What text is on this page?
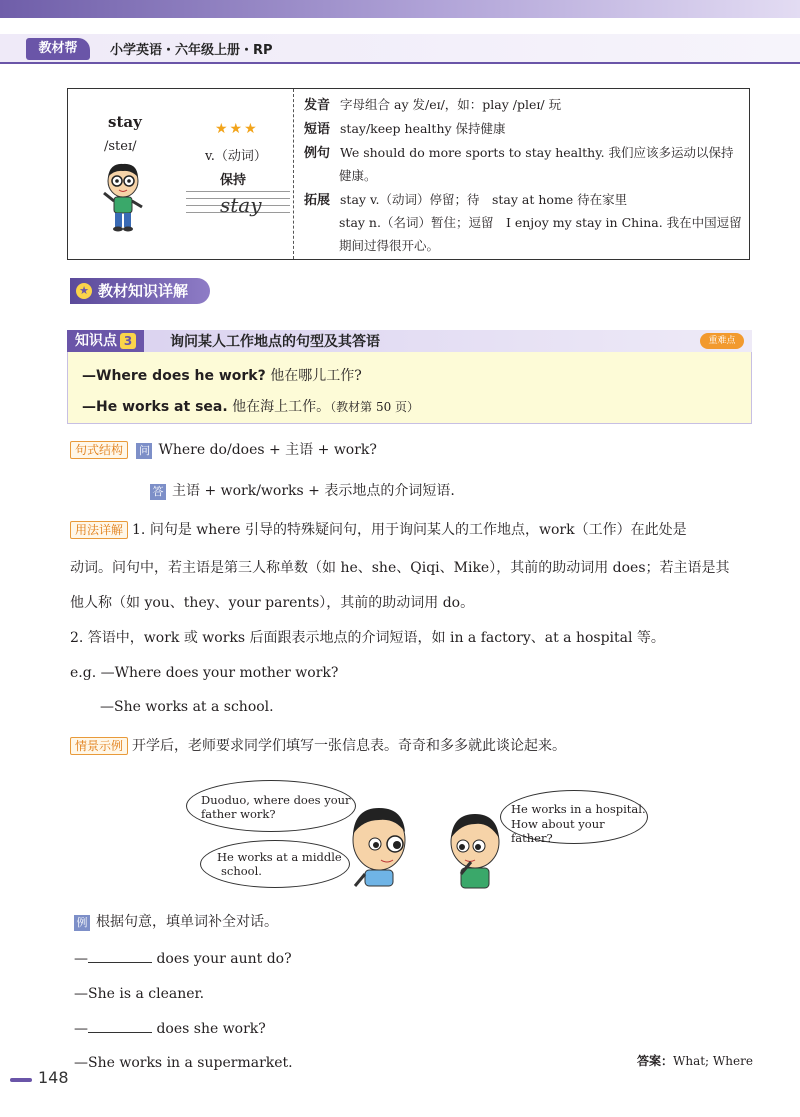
教材帮	小学英语・六年级上册・RP
stay
/steɪ/
★★★
v.（动词）
保持
stay
发音 字母组合 ay 发/eɪ/，如：play /pleɪ/ 玩
短语 stay/keep healthy 保持健康
例句 We should do more sports to stay healthy. 我们应该多运动以保持
健康。
拓展 stay v.（动词）停留；待　stay at home 待在家里
stay n.（名词）暂住；逗留　I enjoy my stay in China. 我在中国逗留
期间过得很开心。
★ 教材知识详解
知识点 3	询问某人工作地点的句型及其答语	重难点
—Where does he work? 他在哪儿工作?
—He works at sea. 他在海上工作。（教材第 50 页）
句式结构 问 Where do/does + 主语 + work?
答 主语 + work/works + 表示地点的介词短语.
用法详解 1. 问句是 where 引导的特殊疑问句，用于询问某人的工作地点，work（工作）在此处是
动词。问句中，若主语是第三人称单数（如 he、she、Qiqi、Mike），其前的助动词用 does；若主语是其
他人称（如 you、they、your parents），其前的助动词用 do。
2. 答语中，work 或 works 后面跟表示地点的介词短语，如 in a factory、at a hospital 等。
e.g. —Where does your mother work?
—She works at a school.
情景示例 开学后，老师要求同学们填写一张信息表。奇奇和多多就此谈论起来。
Duoduo, where does your
father work?
He works at a middle
school.
He works in a hospital.
How about your father?
例 根据句意，填单词补全对话。
—	does your aunt do?
—She is a cleaner.
—	does she work?
—She works in a supermarket.	答案：What; Where
148
